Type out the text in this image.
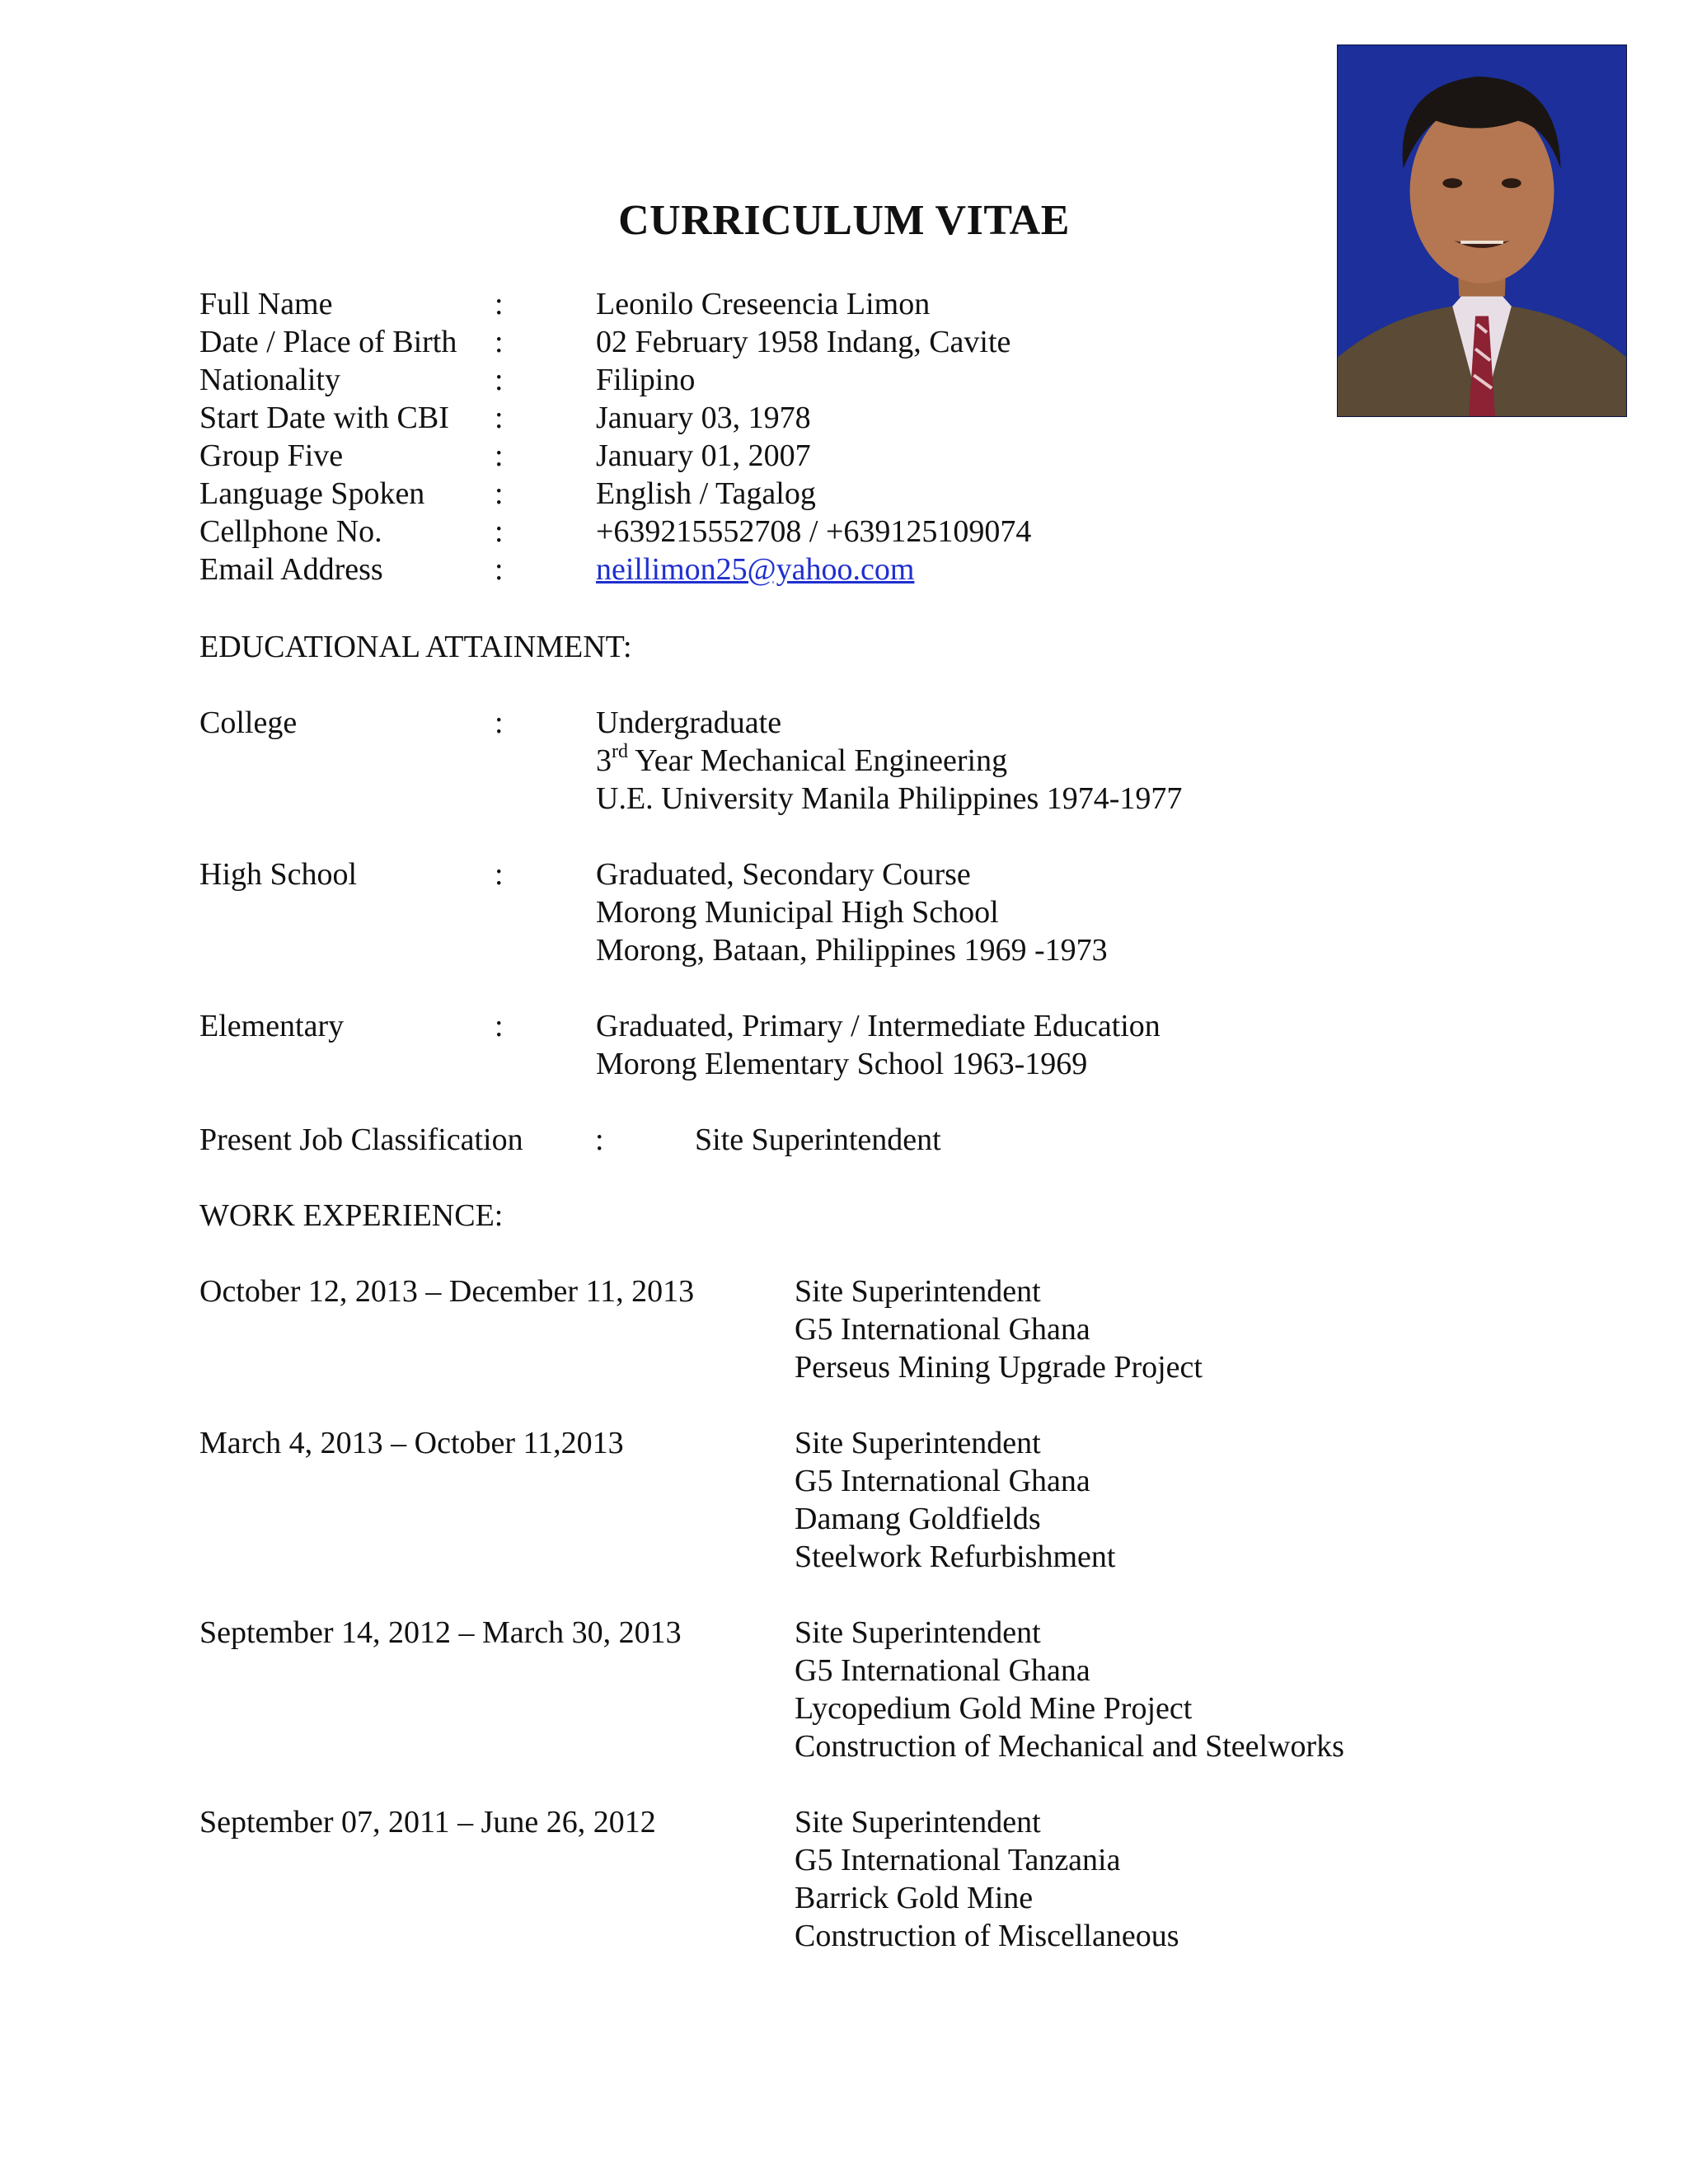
CURRICULUM VITAE
Full Name	:	Leonilo Creseencia Limon
Date / Place of Birth :	02 February 1958 Indang, Cavite
Nationality	:	Filipino
Start Date with CBI :	January 03, 1978
Group Five	:	January 01, 2007
Language Spoken :	English / Tagalog
Cellphone No.	:	+639215552708 / +639125109074
Email Address	:	neillimon25@yahoo.com
EDUCATIONAL ATTAINMENT:
College	:	Undergraduate
3rd Year Mechanical Engineering
U.E. University Manila Philippines 1974-1977
High School	:	Graduated, Secondary Course
Morong Municipal High School
Morong, Bataan, Philippines 1969 -1973
Elementary	:	Graduated, Primary / Intermediate Education
Morong Elementary School 1963-1969
Present Job Classification :	Site Superintendent
WORK EXPERIENCE:
October 12, 2013 – December 11, 2013	Site Superintendent
G5 International Ghana
Perseus Mining Upgrade Project
March 4, 2013 – October 11,2013	Site Superintendent
G5 International Ghana
Damang Goldfields
Steelwork Refurbishment
September 14, 2012 – March 30, 2013	Site Superintendent
G5 International Ghana
Lycopedium Gold Mine Project
Construction of Mechanical and Steelworks
September 07, 2011 – June 26, 2012	Site Superintendent
G5 International Tanzania
Barrick Gold Mine
Construction of Miscellaneous
